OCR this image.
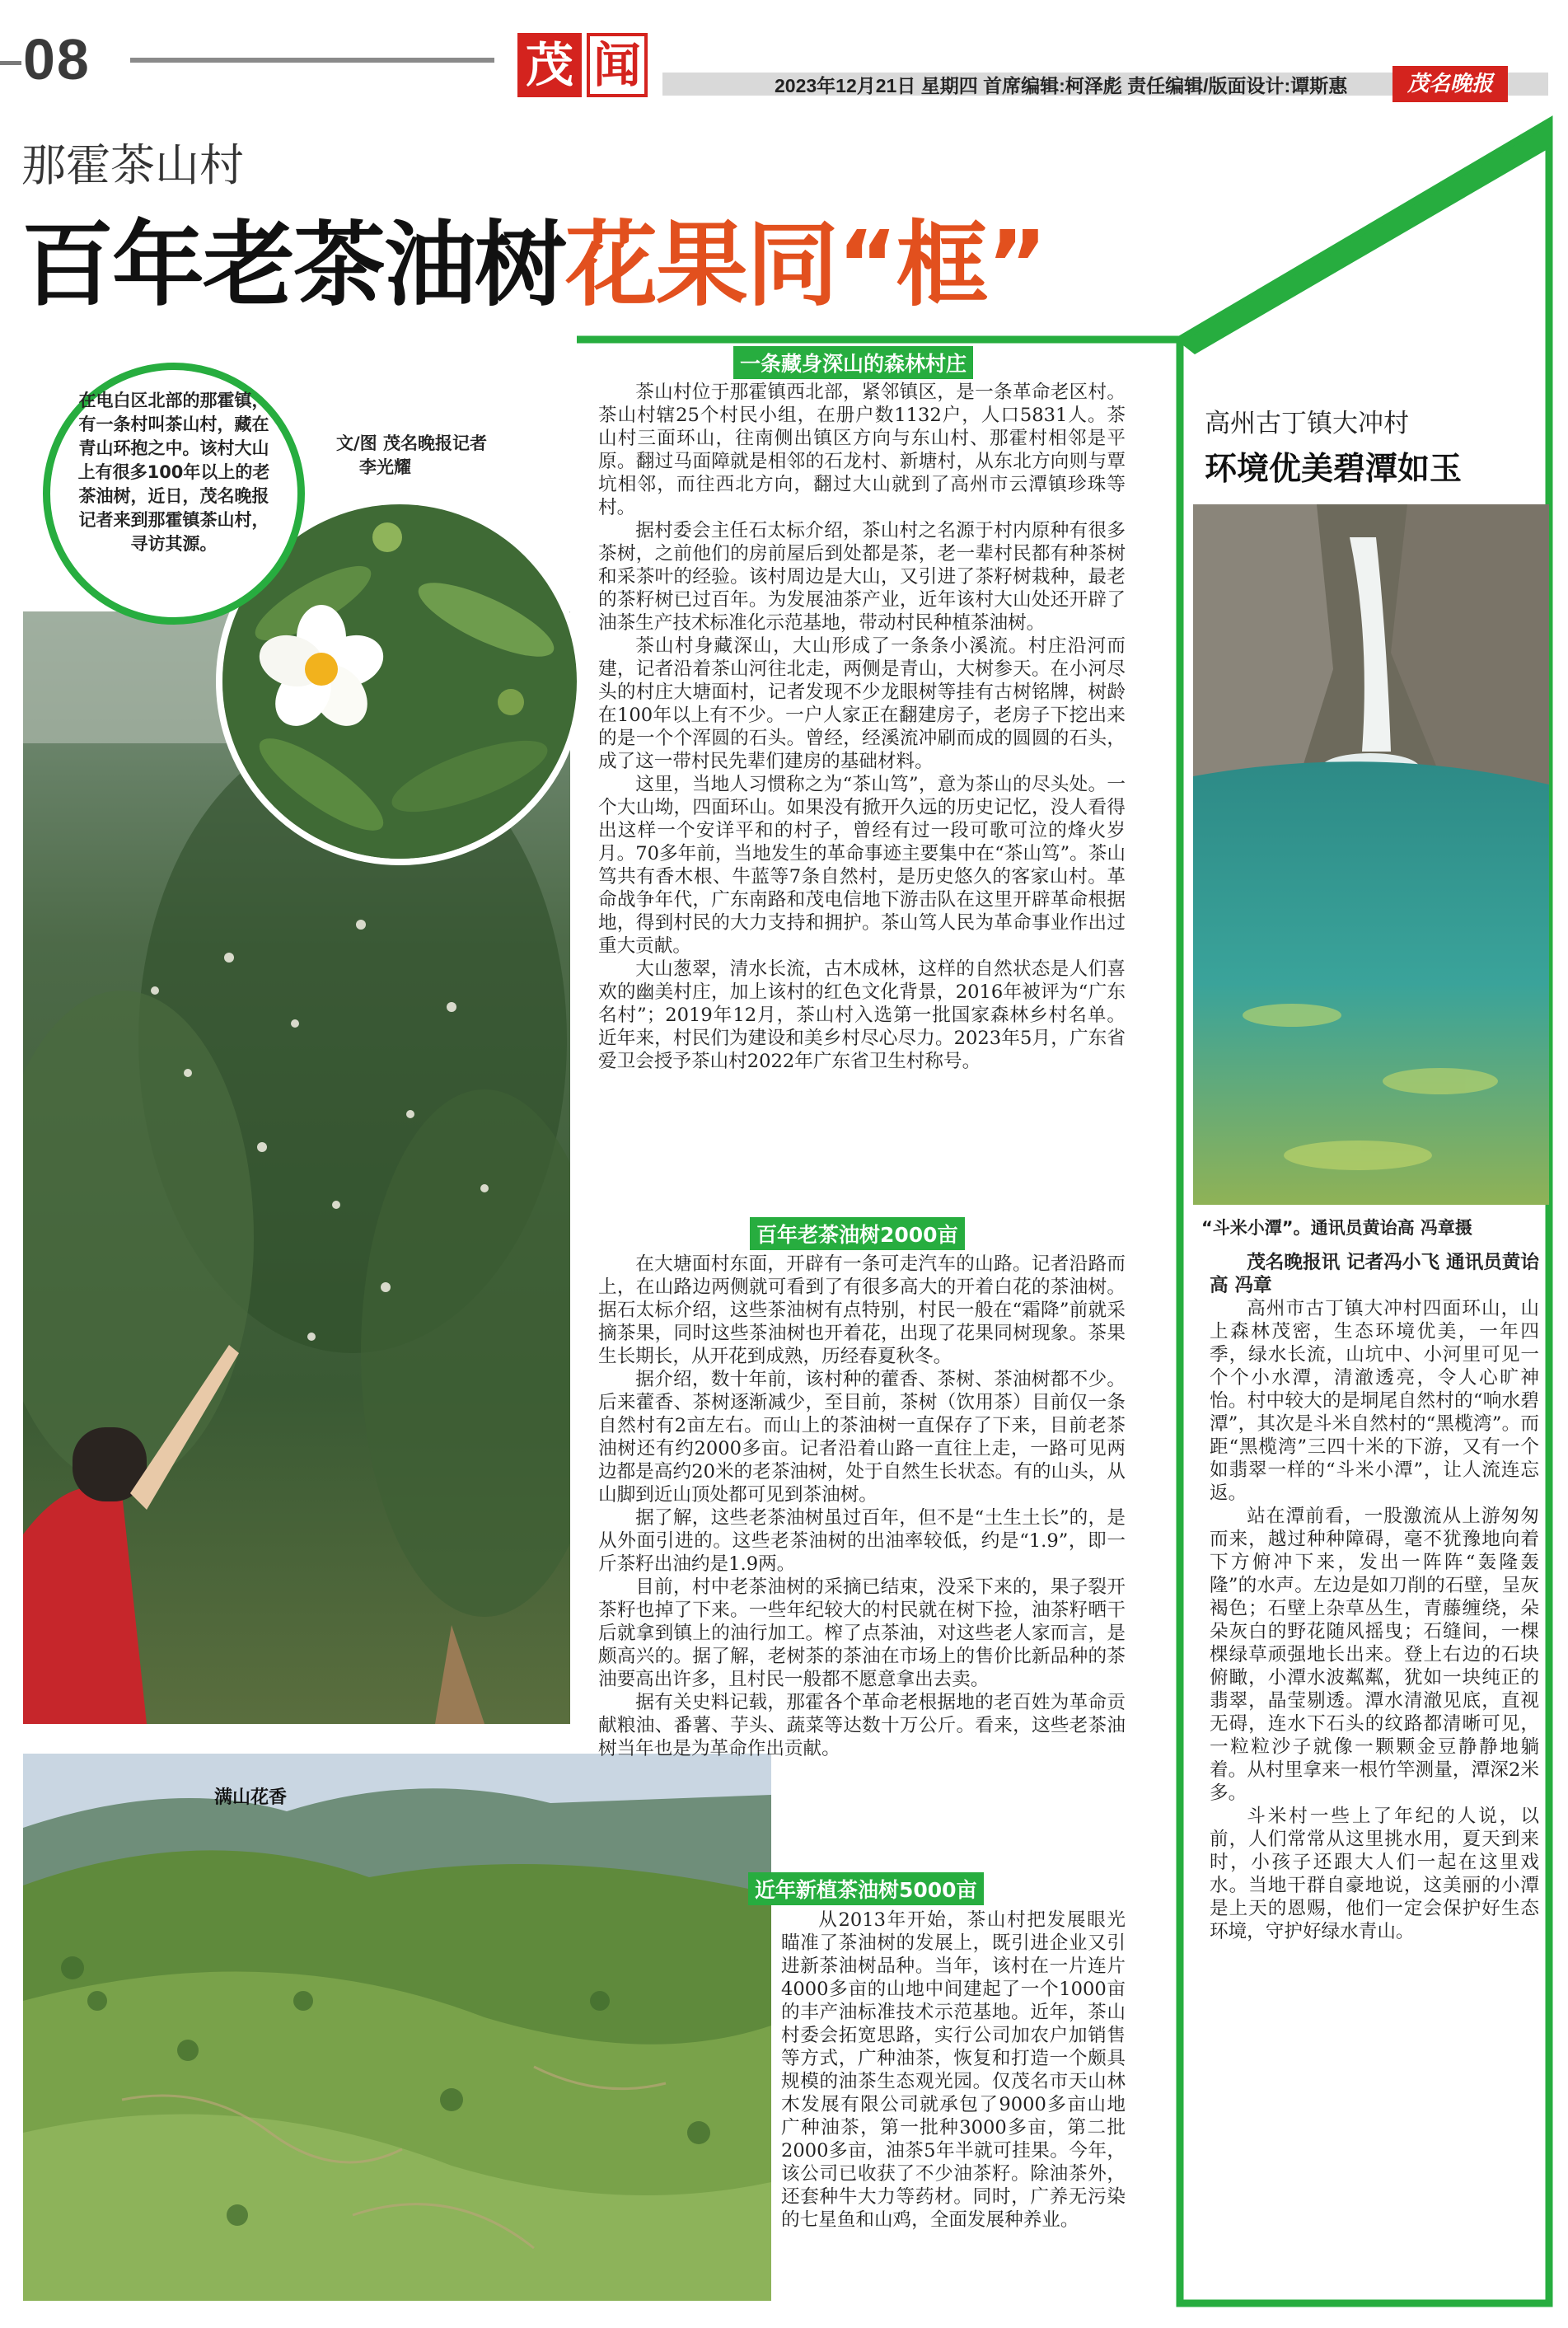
08	茂 闻	2023年12月21日 星期四 首席编辑:柯泽彪 责任编辑/版面设计:谭斯惠	茂名晚报
那霍茶山村
百年老茶油树花果同“框”
在电白区北部的那霍镇，有一条村叫茶山村，藏在青山环抱之中。该村大山上有很多100年以上的老茶油树，近日，茂名晚报记者来到那霍镇茶山村，寻访其源。
文/图 茂名晚报记者
李光耀
满山花香
一条藏身深山的森林村庄

茶山村位于那霍镇西北部，紧邻镇区，是一条革命老区村。茶山村辖25个村民小组，在册户数1132户，人口5831人。茶山村三面环山，往南侧出镇区方向与东山村、那霍村相邻是平原。翻过马面障就是相邻的石龙村、新塘村，从东北方向则与覃坑相邻，而往西北方向，翻过大山就到了高州市云潭镇珍珠等村。

据村委会主任石太标介绍，茶山村之名源于村内原种有很多茶树，之前他们的房前屋后到处都是茶，老一辈村民都有种茶树和采茶叶的经验。该村周边是大山，又引进了茶籽树栽种，最老的茶籽树已过百年。为发展油茶产业，近年该村大山处还开辟了油茶生产技术标准化示范基地，带动村民种植茶油树。

茶山村身藏深山，大山形成了一条条小溪流。村庄沿河而建，记者沿着茶山河往北走，两侧是青山，大树参天。在小河尽头的村庄大塘面村，记者发现不少龙眼树等挂有古树铭牌，树龄在100年以上有不少。一户人家正在翻建房子，老房子下挖出来的是一个个浑圆的石头。曾经，经溪流冲刷而成的圆圆的石头，成了这一带村民先辈们建房的基础材料。

这里，当地人习惯称之为“茶山笃”，意为茶山的尽头处。一个大山坳，四面环山。如果没有掀开久远的历史记忆，没人看得出这样一个安详平和的村子，曾经有过一段可歌可泣的烽火岁月。70多年前，当地发生的革命事迹主要集中在“茶山笃”。茶山笃共有香木根、牛蓝等7条自然村，是历史悠久的客家山村。革命战争年代，广东南路和茂电信地下游击队在这里开辟革命根据地，得到村民的大力支持和拥护。茶山笃人民为革命事业作出过重大贡献。

大山葱翠，清水长流，古木成林，这样的自然状态是人们喜欢的幽美村庄，加上该村的红色文化背景，2016年被评为“广东名村”；2019年12月，茶山村入选第一批国家森林乡村名单。近年来，村民们为建设和美乡村尽心尽力。2023年5月，广东省爱卫会授予茶山村2022年广东省卫生村称号。

百年老茶油树2000亩

在大塘面村东面，开辟有一条可走汽车的山路。记者沿路而上，在山路边两侧就可看到了有很多高大的开着白花的茶油树。据石太标介绍，这些茶油树有点特别，村民一般在“霜降”前就采摘茶果，同时这些茶油树也开着花，出现了花果同树现象。茶果生长期长，从开花到成熟，历经春夏秋冬。

据介绍，数十年前，该村种的藿香、茶树、茶油树都不少。后来藿香、茶树逐渐减少，至目前，茶树（饮用茶）目前仅一条自然村有2亩左右。而山上的茶油树一直保存了下来，目前老茶油树还有约2000多亩。记者沿着山路一直往上走，一路可见两边都是高约20米的老茶油树，处于自然生长状态。有的山头，从山脚到近山顶处都可见到茶油树。

据了解，这些老茶油树虽过百年，但不是“土生土长”的，是从外面引进的。这些老茶油树的出油率较低，约是“1.9”，即一斤茶籽出油约是1.9两。

目前，村中老茶油树的采摘已结束，没采下来的，果子裂开茶籽也掉了下来。一些年纪较大的村民就在树下捡，油茶籽晒干后就拿到镇上的油行加工。榨了点茶油，对这些老人家而言，是颇高兴的。据了解，老树茶的茶油在市场上的售价比新品种的茶油要高出许多，且村民一般都不愿意拿出去卖。

据有关史料记载，那霍各个革命老根据地的老百姓为革命贡献粮油、番薯、芋头、蔬菜等达数十万公斤。看来，这些老茶油树当年也是为革命作出贡献。

近年新植茶油树5000亩

从2013年开始，茶山村把发展眼光瞄准了茶油树的发展上，既引进企业又引进新茶油树品种。当年，该村在一片连片4000多亩的山地中间建起了一个1000亩的丰产油标准技术示范基地。近年，茶山村委会拓宽思路，实行公司加农户加销售等方式，广种油茶，恢复和打造一个颇具规模的油茶生态观光园。仅茂名市天山林木发展有限公司就承包了9000多亩山地广种油茶，第一批种3000多亩，第二批2000多亩，油茶5年半就可挂果。今年，该公司已收获了不少油茶籽。除油茶外，还套种牛大力等药材。同时，广养无污染的七星鱼和山鸡，全面发展种养业。

高州古丁镇大冲村
环境优美碧潭如玉
“斗米小潭”。通讯员黄诒高 冯章摄

茂名晚报讯 记者冯小飞 通讯员黄诒高 冯章

高州市古丁镇大冲村四面环山，山上森林茂密，生态环境优美，一年四季，绿水长流，山坑中、小河里可见一个个小水潭，清澈透亮，令人心旷神怡。村中较大的是垌尾自然村的“响水碧潭”，其次是斗米自然村的“黑榄湾”。而距“黑榄湾”三四十米的下游，又有一个如翡翠一样的“斗米小潭”，让人流连忘返。

站在潭前看，一股激流从上游匆匆而来，越过种种障碍，毫不犹豫地向着下方俯冲下来，发出一阵阵“轰隆轰隆”的水声。左边是如刀削的石壁，呈灰褐色；石壁上杂草丛生，青藤缠绕，朵朵灰白的野花随风摇曳；石缝间，一棵棵绿草顽强地长出来。登上右边的石块俯瞰，小潭水波粼粼，犹如一块纯正的翡翠，晶莹剔透。潭水清澈见底，直视无碍，连水下石头的纹路都清晰可见，一粒粒沙子就像一颗颗金豆静静地躺着。从村里拿来一根竹竿测量，潭深2米多。

斗米村一些上了年纪的人说，以前，人们常常从这里挑水用，夏天到来时，小孩子还跟大人们一起在这里戏水。当地干群自豪地说，这美丽的小潭是上天的恩赐，他们一定会保护好生态环境，守护好绿水青山。
